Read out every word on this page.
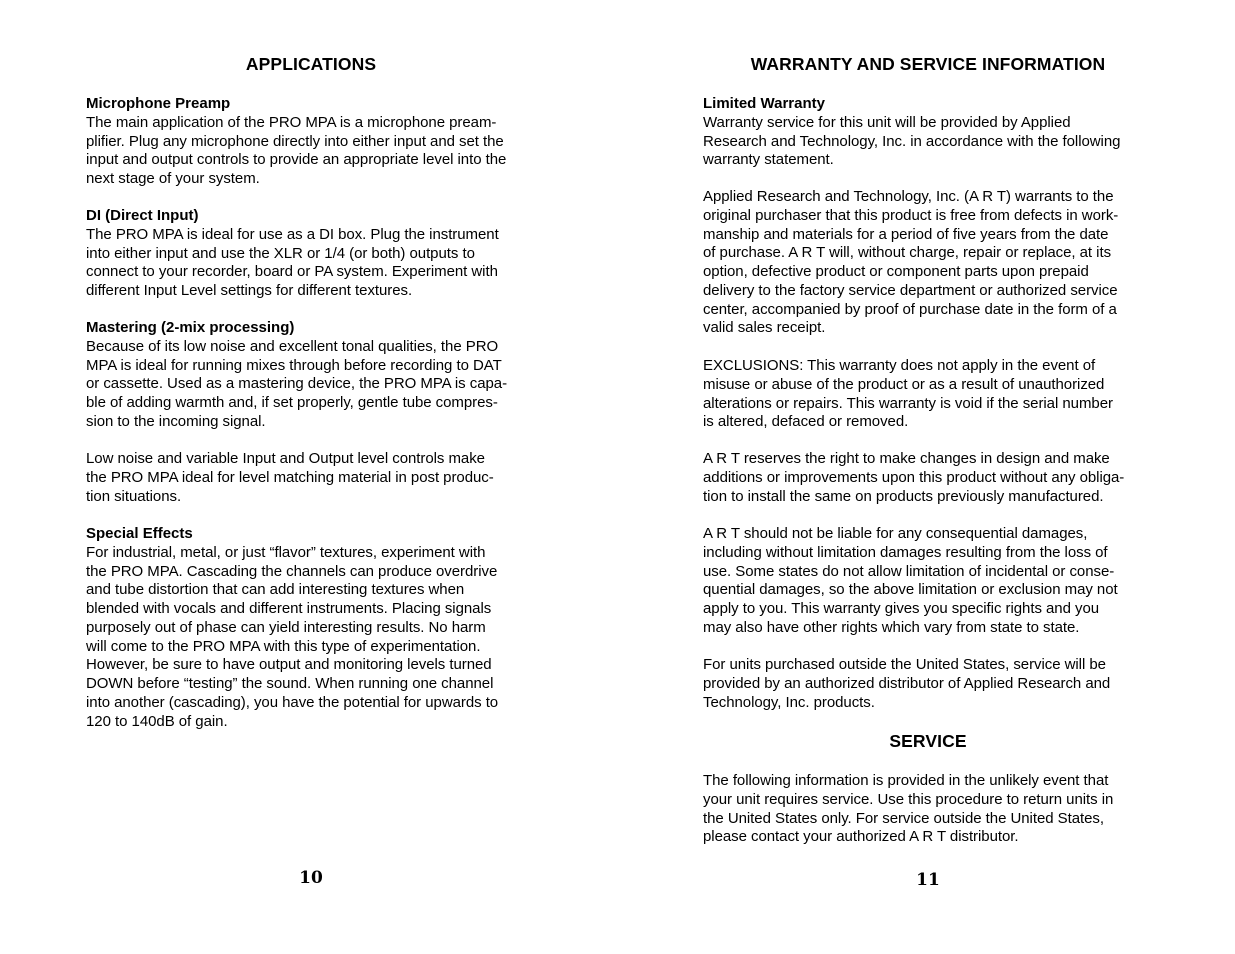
APPLICATIONS

Microphone Preamp

The main application of the PRO MPA is a microphone pream-
plifier. Plug any microphone directly into either input and set the
input and output controls to provide an appropriate level into the
next stage of your system.

DI (Direct Input)

The PRO MPA is ideal for use as a DI box. Plug the instrument
into either input and use the XLR or 1/4 (or both) outputs to
connect to your recorder, board or PA system. Experiment with
different Input Level settings for different textures.

Mastering (2-mix processing)

Because of its low noise and excellent tonal qualities, the PRO
MPA is ideal for running mixes through before recording to DAT
or cassette. Used as a mastering device, the PRO MPA is capa-
ble of adding warmth and, if set properly, gentle tube compres-
sion to the incoming signal.

Low noise and variable Input and Output level controls make
the PRO MPA ideal for level matching material in post produc-
tion situations.

Special Effects

For industrial, metal, or just “flavor” textures, experiment with
the PRO MPA. Cascading the channels can produce overdrive
and tube distortion that can add interesting textures when
blended with vocals and different instruments. Placing signals
purposely out of phase can yield interesting results. No harm
will come to the PRO MPA with this type of experimentation.
However, be sure to have output and monitoring levels turned
DOWN before “testing” the sound. When running one channel
into another (cascading), you have the potential for upwards to
120 to 140dB of gain.

10
WARRANTY AND SERVICE INFORMATION

Limited Warranty

Warranty service for this unit will be provided by Applied
Research and Technology, Inc. in accordance with the following
warranty statement.

Applied Research and Technology, Inc. (A R T) warrants to the
original purchaser that this product is free from defects in work-
manship and materials for a period of five years from the date
of purchase. A R T will, without charge, repair or replace, at its
option, defective product or component parts upon prepaid
delivery to the factory service department or authorized service
center, accompanied by proof of purchase date in the form of a
valid sales receipt.

EXCLUSIONS: This warranty does not apply in the event of
misuse or abuse of the product or as a result of unauthorized
alterations or repairs. This warranty is void if the serial number
is altered, defaced or removed.

A R T reserves the right to make changes in design and make
additions or improvements upon this product without any obliga-
tion to install the same on products previously manufactured.

A R T should not be liable for any consequential damages,
including without limitation damages resulting from the loss of
use. Some states do not allow limitation of incidental or conse-
quential damages, so the above limitation or exclusion may not
apply to you. This warranty gives you specific rights and you
may also have other rights which vary from state to state.

For units purchased outside the United States, service will be
provided by an authorized distributor of Applied Research and
Technology, Inc. products.

SERVICE

The following information is provided in the unlikely event that
your unit requires service. Use this procedure to return units in
the United States only. For service outside the United States,
please contact your authorized A R T distributor.

11
